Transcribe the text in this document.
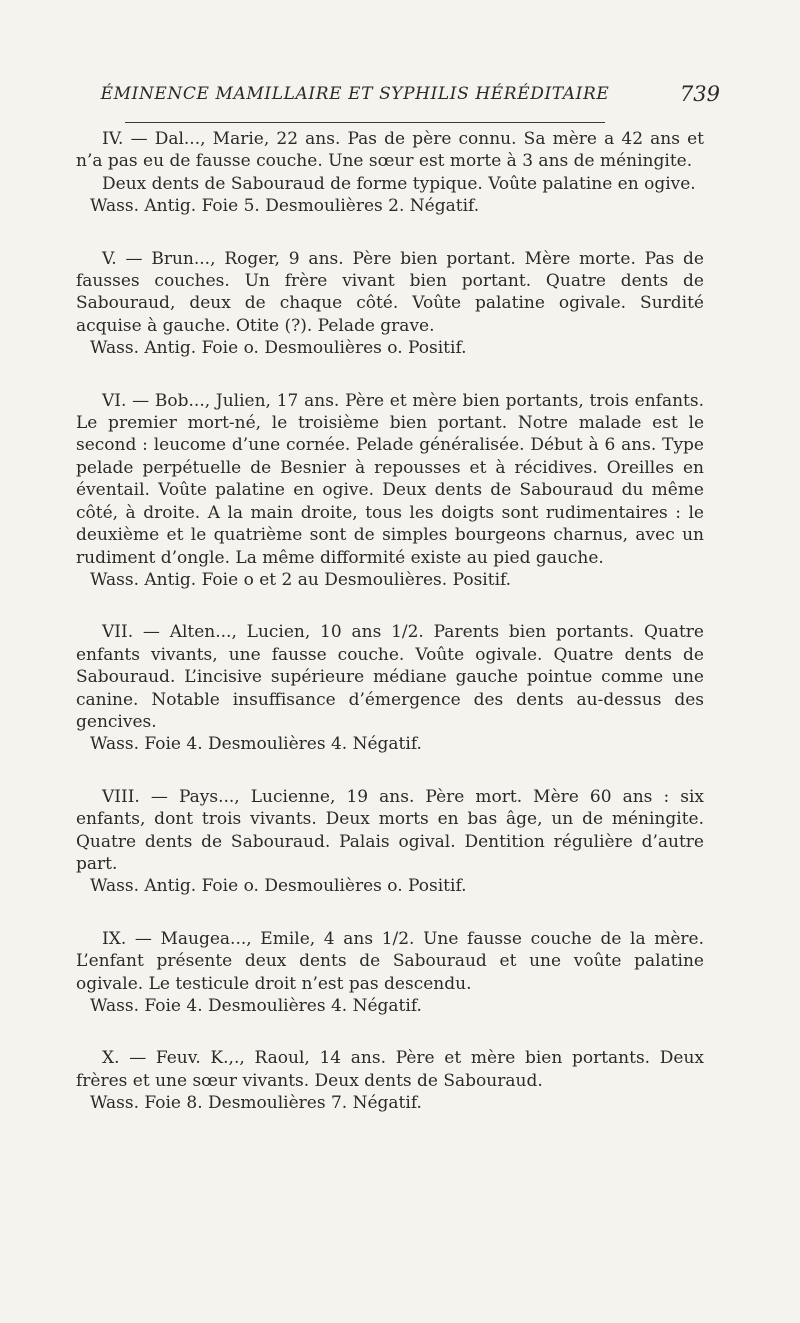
ÉMINENCE MAMILLAIRE ET SYPHILIS HÉRÉDITAIRE	739

IV. — Dal..., Marie, 22 ans. Pas de père connu. Sa mère a 42 ans et n’a pas eu de fausse couche. Une sœur est morte à 3 ans de méningite.

Deux dents de Sabouraud de forme typique. Voûte palatine en ogive.

Wass. Antig. Foie 5. Desmoulières 2. Négatif.

V. — Brun..., Roger, 9 ans. Père bien portant. Mère morte. Pas de fausses couches. Un frère vivant bien portant. Quatre dents de Sabouraud, deux de chaque côté. Voûte palatine ogivale. Surdité acquise à gauche. Otite (?). Pelade grave.

Wass. Antig. Foie o. Desmoulières o. Positif.

VI. — Bob..., Julien, 17 ans. Père et mère bien portants, trois enfants. Le premier mort-né, le troisième bien portant. Notre malade est le second : leucome d’une cornée. Pelade généralisée. Début à 6 ans. Type pelade perpétuelle de Besnier à repousses et à récidives. Oreilles en éventail. Voûte palatine en ogive. Deux dents de Sabouraud du même côté, à droite. A la main droite, tous les doigts sont rudimentaires : le deuxième et le quatrième sont de simples bourgeons charnus, avec un rudiment d’ongle. La même difformité existe au pied gauche.

Wass. Antig. Foie o et 2 au Desmoulières. Positif.

VII. — Alten..., Lucien, 10 ans 1/2. Parents bien portants. Quatre enfants vivants, une fausse couche. Voûte ogivale. Quatre dents de Sabouraud. L’incisive supérieure médiane gauche pointue comme une canine. Notable insuffisance d’émergence des dents au-dessus des gencives.

Wass. Foie 4. Desmoulières 4. Négatif.

VIII. — Pays..., Lucienne, 19 ans. Père mort. Mère 60 ans : six enfants, dont trois vivants. Deux morts en bas âge, un de méningite. Quatre dents de Sabouraud. Palais ogival. Dentition régulière d’autre part.

Wass. Antig. Foie o. Desmoulières o. Positif.

IX. — Maugea..., Emile, 4 ans 1/2. Une fausse couche de la mère. L’enfant présente deux dents de Sabouraud et une voûte palatine ogivale. Le testicule droit n’est pas descendu.

Wass. Foie 4. Desmoulières 4. Négatif.

X. — Feuv. K.,., Raoul, 14 ans. Père et mère bien portants. Deux frères et une sœur vivants. Deux dents de Sabouraud.

Wass. Foie 8. Desmoulières 7. Négatif.
